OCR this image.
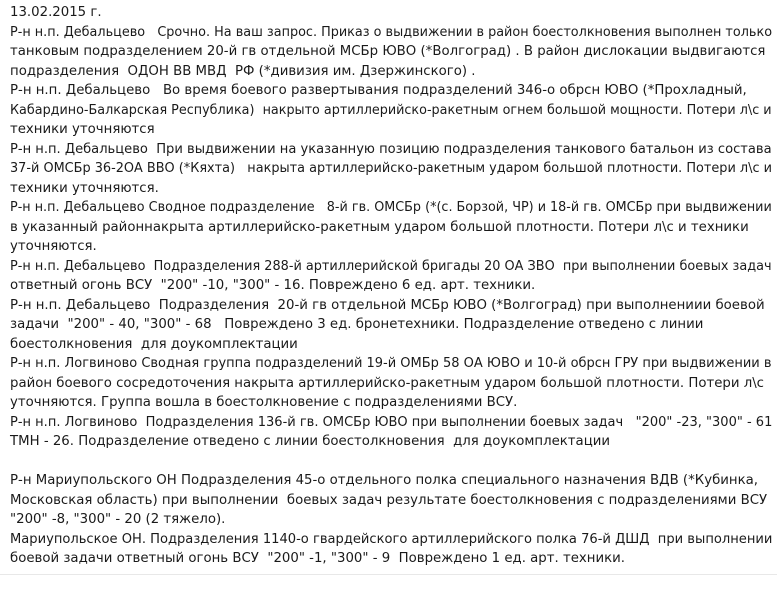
13.02.2015 г.
Р-н н.п. Дебальцево   Срочно. На ваш запрос. Приказ о выдвижении в район боестолкновения выполнен только
танковым подразделением 20-й гв отдельной МСБр ЮВО (*Волгоград) . В район дислокации выдвигаются
подразделения  ОДОН ВВ МВД  РФ (*дивизия им. Дзержинского) .
Р-н н.п. Дебальцево   Во время боевого развертывания подразделений 346-о обрсн ЮВО (*Прохладный,
Кабардино-Балкарская Республика)  накрыто артиллерийско-ракетным огнем большой мощности. Потери л\с и
техники уточняются
Р-н н.п. Дебальцево  При выдвижении на указанную позицию подразделения танкового батальон из состава
37-й ОМСБр 36-2ОА ВВО (*Кяхта)   накрыта артиллерийско-ракетным ударом большой плотности. Потери л\с и
техники уточняются.
Р-н н.п. Дебальцево Сводное подразделение   8-й гв. ОМСБр (*(с. Борзой, ЧР) и 18-й гв. ОМСБр при выдвижении
в указанный районнакрыта артиллерийско-ракетным ударом большой плотности. Потери л\с и техники
уточняются.
Р-н н.п. Дебальцево  Подразделения 288-й артиллерийской бригады 20 ОА ЗВО  при выполнении боевых задач
ответный огонь ВСУ  "200" -10, "300" - 16. Повреждено 6 ед. арт. техники.
Р-н н.п. Дебальцево  Подразделения  20-й гв отдельной МСБр ЮВО (*Волгоград) при выполнениии боевой
задачи  "200" - 40, "300" - 68   Повреждено 3 ед. бронетехники. Подразделение отведено с линии
боестолкновения  для доукомплектации
Р-н н.п. Логвиново Сводная группа подразделений 19-й ОМБр 58 ОА ЮВО и 10-й обрсн ГРУ при выдвижении в
район боевого сосредоточения накрыта артиллерийско-ракетным ударом большой плотности. Потери л\с
уточняются. Группа вошла в боестолкновение с подразделениями ВСУ.
Р-н н.п. Логвиново  Подразделения 136-й гв. ОМСБр ЮВО при выполнении боевых задач   "200" -23, "300" - 61
ТМН - 26. Подразделение отведено с линии боестолкновения  для доукомплектации
Р-н Мариупольского ОН Подразделения 45-о отдельного полка специального назначения ВДВ (*Кубинка,
Московская область) при выполнении  боевых задач результате боестолкновения с подразделениями ВСУ
"200" -8, "300" - 20 (2 тяжело).
Мариупольское ОН. Подразделения 1140-о гвардейского артиллерийского полка 76-й ДШД  при выполнении
боевой задачи ответный огонь ВСУ  "200" -1, "300" - 9  Повреждено 1 ед. арт. техники.
